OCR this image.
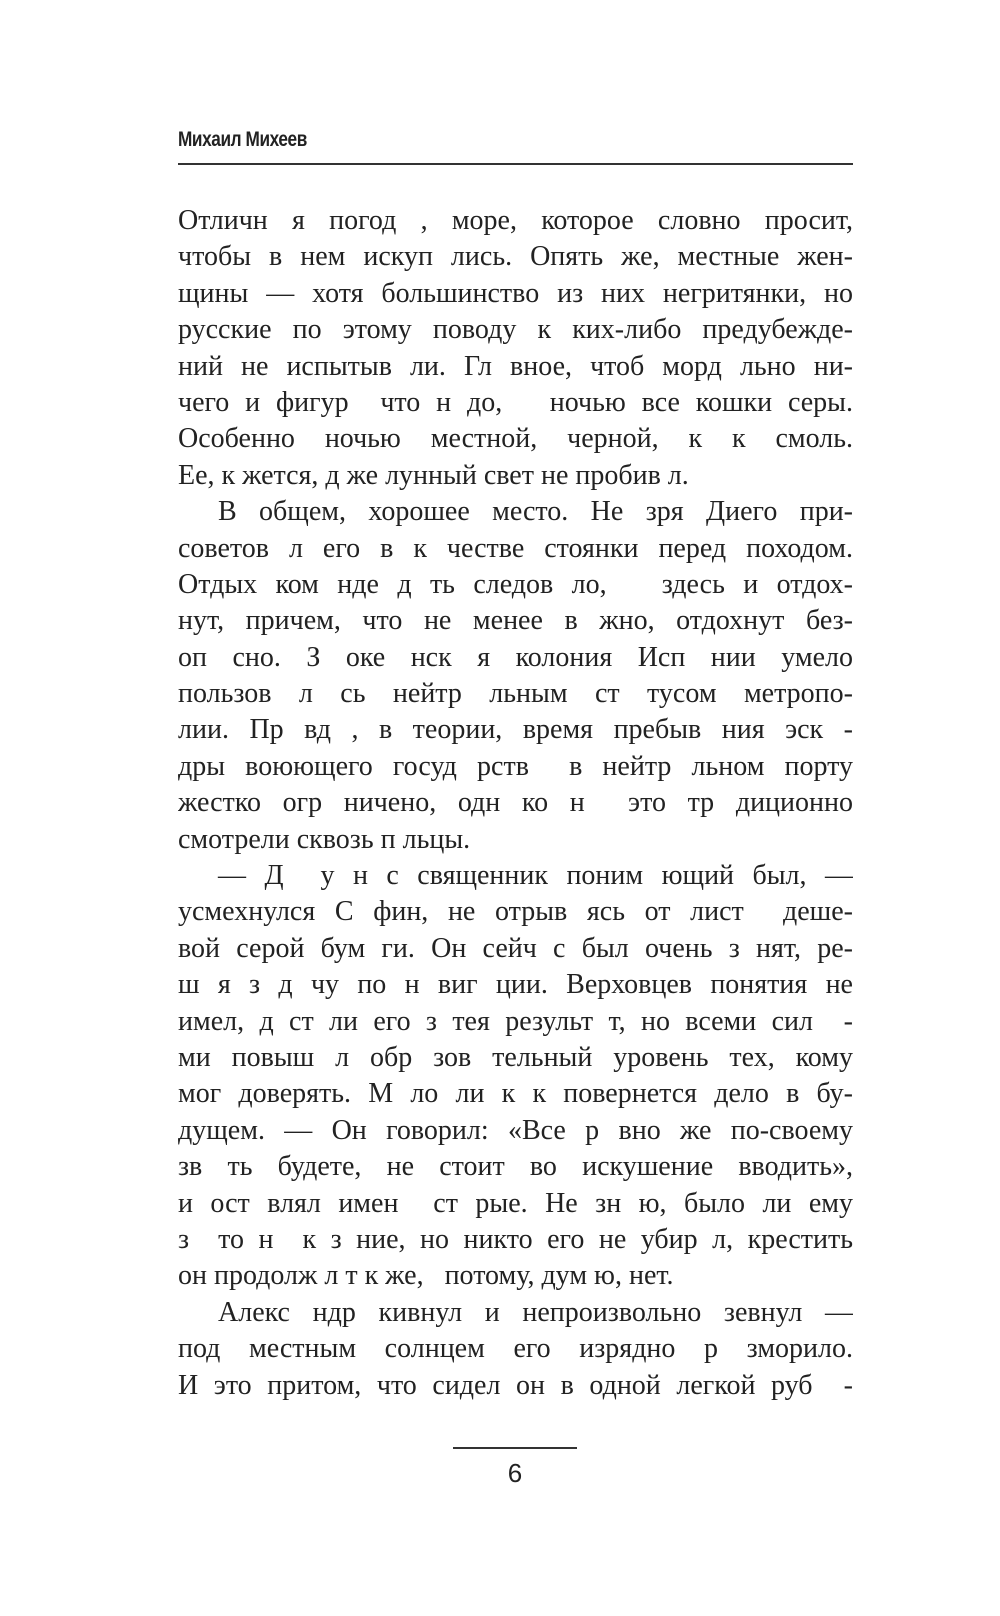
Михаил Михеев
Отличн я погод , море, которое словно просит,
чтобы в нем искуп лись. Опять же, местные жен-
щины — хотя большинство из них негритянки, но
русские по этому поводу к ких-либо предубежде-
ний не испытыв ли. Гл вное, чтоб морд льно ни-
чего и фигур  что н до,   ночью все кошки серы.
Особенно ночью местной, черной, к к смоль.
Ее, к жется, д же лунный свет не пробив л.
В общем, хорошее место. Не зря Диего при-
советов л его в к честве стоянки перед походом.
Отдых ком нде д ть следов ло,   здесь и отдох-
нут, причем, что не менее в жно, отдохнут без-
оп сно. З оке нск я колония Исп нии умело
пользов л сь нейтр льным ст тусом метропо-
лии. Пр вд , в теории, время пребыв ния эск -
дры воюющего госуд рств  в нейтр льном порту
жестко огр ничено, одн ко н  это тр диционно
смотрели сквозь п льцы.
— Д  у н с священник поним ющий был, —
усмехнулся С фин, не отрыв ясь от лист  деше-
вой серой бум ги. Он сейч с был очень з нят, ре-
ш я з д чу по н виг ции. Верховцев понятия не
имел, д ст ли его з тея результ т, но всеми сил  -
ми повыш л обр зов тельный уровень тех, кому
мог доверять. М ло ли к к повернется дело в бу-
дущем. — Он говорил: «Все р вно же по-своему
зв ть будете, не стоит во искушение вводить»,
и ост влял имен  ст рые. Не зн ю, было ли ему
з  то н  к з ние, но никто его не убир л, крестить
он продолж л т к же,   потому, дум ю, нет.
Алекс ндр кивнул и непроизвольно зевнул —
под местным солнцем его изрядно р зморило.
И это притом, что сидел он в одной легкой руб  -
6
